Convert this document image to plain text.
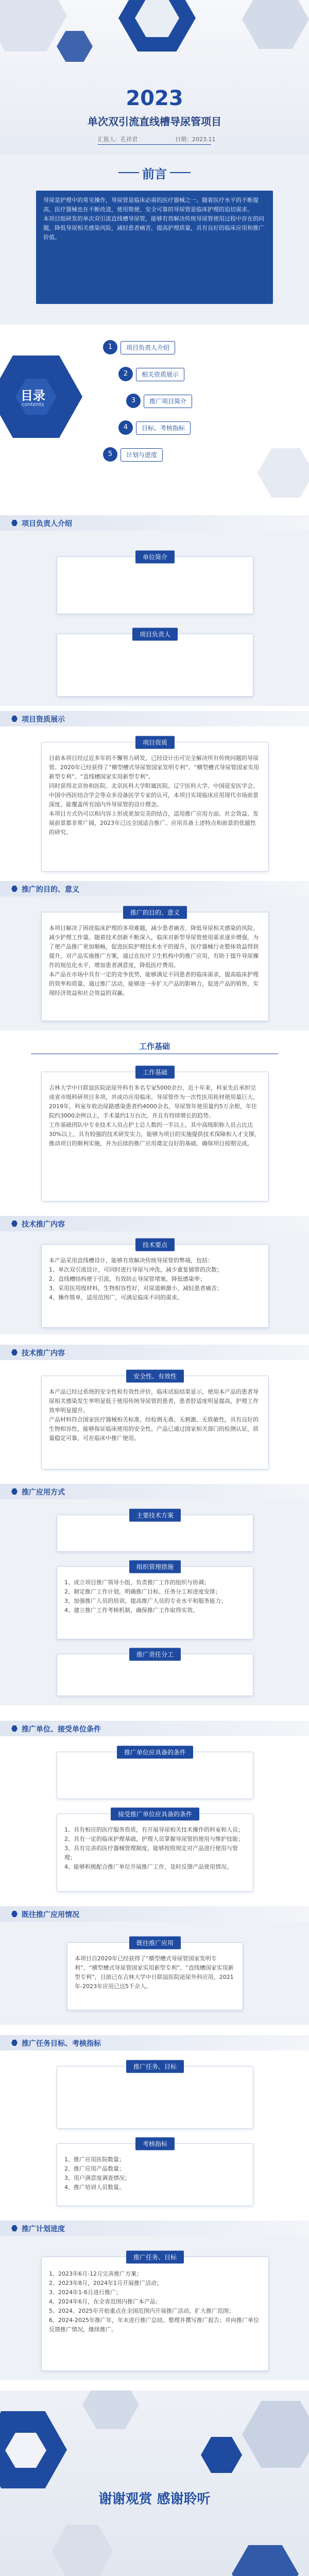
2023
单次双引流直线槽导尿管项目
汇报人：孔祥君	日期：2023.11
前言
导尿是护理中的常见操作，导尿管是临床必需的医疗器械之一。随着医疗水平的不断提高，医疗器械也在不断改进，使用简便、安全可靠的导尿管是临床护理的迫切需求。
本项目组研发的单次双引流直线槽导尿管，能够有效解决传统导尿管使用过程中存在的问题，降低导尿相关感染风险，减轻患者痛苦，提高护理质量，具有良好的临床应用和推广价值。
目录
contents
1	项目负责人介绍
2	相关资质展示
3	推广项目简介
4	目标、考核指标
5	计划与进度
项目负责人介绍
单位简介

项目负责人

项目资质展示
项目资质
目前本项目经过近多年的不懈努力研发，已经设计出可完全解决所有传统问题的导尿管。2020年已经获得了“横型槽式导尿管国家发明专利”、“横型槽式导尿管国家实用新型专利”、“直线槽国家实用新型专利”。
同时获得北京协和医院、北京医科大学附属医院、辽宁医科大学、中国延安医学会、中国中西医结合学会等众多设备医学专家的认可，本项目实现临床应用现代市场前景深度、能覆盖所有国内外导尿管的设计理念。
本项目方式仍可以和内容上形成更加完美的结合，适用推广应用方面、社会效益、发展前景都非常广阔，2023年已达全国适合推广。应用具备上述特点和前景的优越性的研究。
推广的目的、意义
推广的目的、意义
本项目解决了困扰临床护理的多项难题，减少患者痛苦、降低导尿相关感染的风险、减少护理工作量。随着技术创新不断深入，临床对新型导尿管使用需求逐步增强，为了使产品推广更加顺畅，促进医院护理技术水平的提升，医疗器械行业整体效益得到提升，对产品实施推广方案，通过在医疗卫生机构中的推广应用，有助于提升导尿操作的规范化水平，增加患者满意度，降低医疗费用。
本产品在市场中具有一定的竞争优势，能够满足不同患者的临床需求，提高临床护理的效率和质量。通过推广活动，能够进一步扩大产品的影响力，促进产品的销售，实现经济效益和社会效益的双赢。
工作基础
工作基础
吉林大学中日联谊医院泌尿外科有多名专家5000余台，近十年来，科室先后承担完成省市级科研项目多项，并成功应用临床。导尿管作为一次性医用耗材使用量巨大，2019年，科室年收治尿路感染患者约4000余名，导尿管年使用量约5万余根，年住院约3000余例以上，手术量约1万台次，并且有持续增长的趋势。
工作基础团队中专业技术人员占护士总人数的一半以上，其中高级职称人员占比达30%以上，具有较强的技术研发实力，能够为项目的实施提供技术保障和人才支撑，推动项目的顺利实施，并为后续的推广应用奠定良好的基础，确保项目按期完成。
技术推广内容
技术要点
本产品采用直线槽设计，能够有效解决传统导尿管的弊端，包括：
1、单次双引流设计，可同时进行导尿与冲洗，减少重复插管的次数；
2、直线槽结构便于引流，有效防止导尿管堵塞，降低感染率；
3、采用医用级材料，生物相容性好，对尿道刺激小，减轻患者痛苦；
4、操作简单，适用范围广，可满足临床不同的需求。
技术推广内容
安全性、有效性
本产品已经过系统的安全性和有效性评价，临床试验结果显示，使用本产品的患者导尿相关感染发生率明显低于使用传统导尿管的患者，患者舒适度明显提高，护理工作效率明显提升。
产品材料符合国家医疗器械相关标准，经检测无毒、无刺激、无致敏性，具有良好的生物相容性，能够保证临床使用的安全性。产品已通过国家相关部门的检测认证，质量稳定可靠，可在临床中推广使用。
推广应用方式
主要技术方案

组织管理措施
1、成立项目推广领导小组，负责推广工作的组织与协调；
2、制定推广工作计划，明确推广目标、任务分工和进度安排；
3、加强推广人员的培训，提高推广人员的专业水平和服务能力；
4、建立推广工作考核机制，确保推广工作取得实效。
推广责任分工

推广单位、接受单位条件
推广单位应具备的条件

接受推广单位应具备的条件
1、具有相应的医疗服务资质，有开展导尿相关技术操作的科室和人员；
2、具有一定的临床护理基础，护理人员掌握导尿管的使用与维护技能；
3、具有完善的医疗器械管理制度，能够按照规定对产品进行使用与管理；
4、能够积极配合推广单位开展推广工作，及时反馈产品使用情况。
既往推广应用情况
既往推广应用
本项目自2020年已经获得了“横型槽式导尿管国家发明专利”、“横型槽式导尿管国家实用新型专利”、“直线槽国家实用新型专利”，目前已在吉林大学中日联谊医院泌尿外科应用，2021年-2023年应用已达5千余人。
推广任务目标、考核指标
推广任务、目标

考核指标
1、推广应用医院数量；
2、推广应用产品数量；
3、用户满意度调查情况；
4、推广培训人员数量。
推广计划进度
推广任务、目标
1、2023年6月-12月完善推广方案；
2、2023年8月，2024年1月开展推广活动；
3、2024年1-6月进行推广；
4、2024年6月，在全省范围内推广本产品；
5、2024、2025年开始重点在全国范围内开展推广活动，扩大推广范围；
6、2024-2025年推广年，年末进行推广总结、整理并撰写推广报告；并向推广单位反馈推广情况，继续推广。
谢谢观赏 感谢聆听
